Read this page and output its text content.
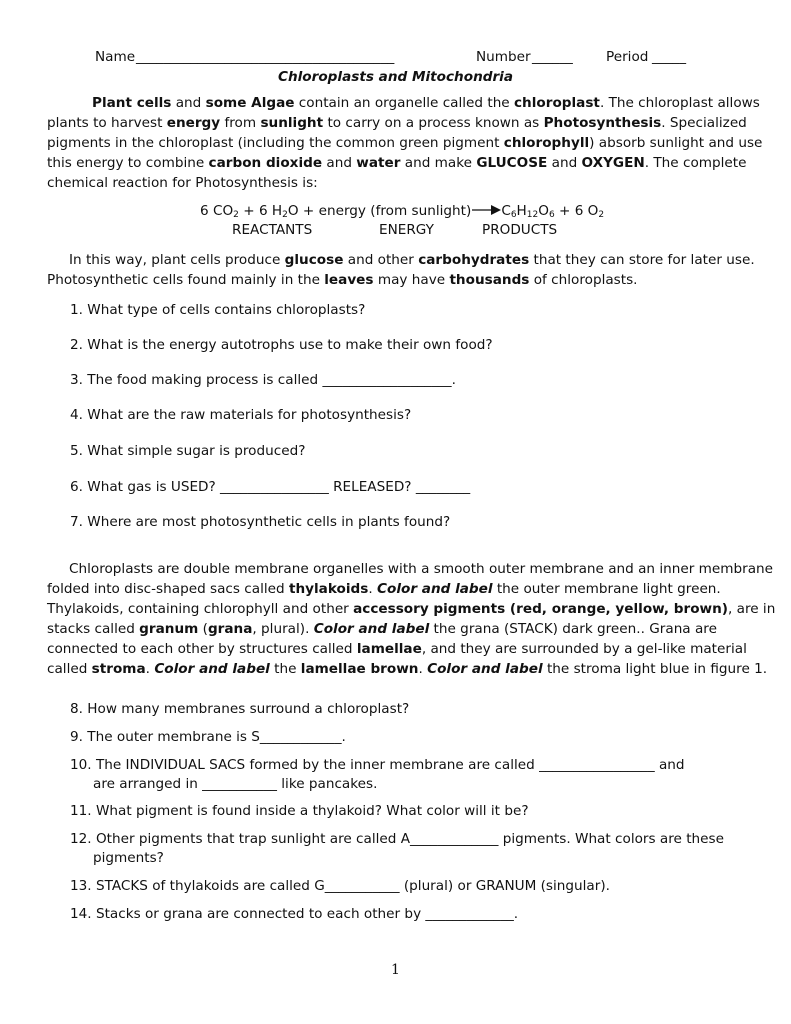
Name ______________________________________	Number ______ Period _____
Chloroplasts and Mitochondria
Plant cells and some Algae contain an organelle called the chloroplast. The chloroplast allows
plants to harvest energy from sunlight to carry on a process known as Photosynthesis. Specialized
pigments in the chloroplast (including the common green pigment chlorophyll) absorb sunlight and use
this energy to combine carbon dioxide and water and make GLUCOSE and OXYGEN. The complete
chemical reaction for Photosynthesis is:
6 $CO_2 + 6$ $H_2O$ + energy (from sunlight) $C_6H_{12}O_6 + 6$ $O_2$
REACTANTS	ENERGY	PRODUCTS
In this way, plant cells produce glucose and other carbohydrates that they can store for later use.
Photosynthetic cells found mainly in the leaves may have thousands of chloroplasts.
1. What type of cells contains chloroplasts?
2. What is the energy autotrophs use to make their own food?
3. The food making process is called ___________________.
4. What are the raw materials for photosynthesis?
5. What simple sugar is produced?
6. What gas is USED? ________________ RELEASED? ________
7. Where are most photosynthetic cells in plants found?
Chloroplasts are double membrane organelles with a smooth outer membrane and an inner membrane
folded into disc-shaped sacs called thylakoids. Color and label the outer membrane light green.
Thylakoids, containing chlorophyll and other accessory pigments (red, orange, yellow, brown), are in
stacks called granum (grana, plural). Color and label the grana (STACK) dark green.. Grana are
connected to each other by structures called lamellae, and they are surrounded by a gel-like material
called stroma. Color and label the lamellae brown. Color and label the stroma light blue in figure 1.
8. How many membranes surround a chloroplast?
9. The outer membrane is S____________.
10. The INDIVIDUAL SACS formed by the inner membrane are called _________________ and
are arranged in ___________ like pancakes.
11. What pigment is found inside a thylakoid? What color will it be?
12. Other pigments that trap sunlight are called A_____________ pigments. What colors are these
pigments?
13. STACKS of thylakoids are called G___________ (plural) or GRANUM (singular).
14. Stacks or grana are connected to each other by _____________.
1
